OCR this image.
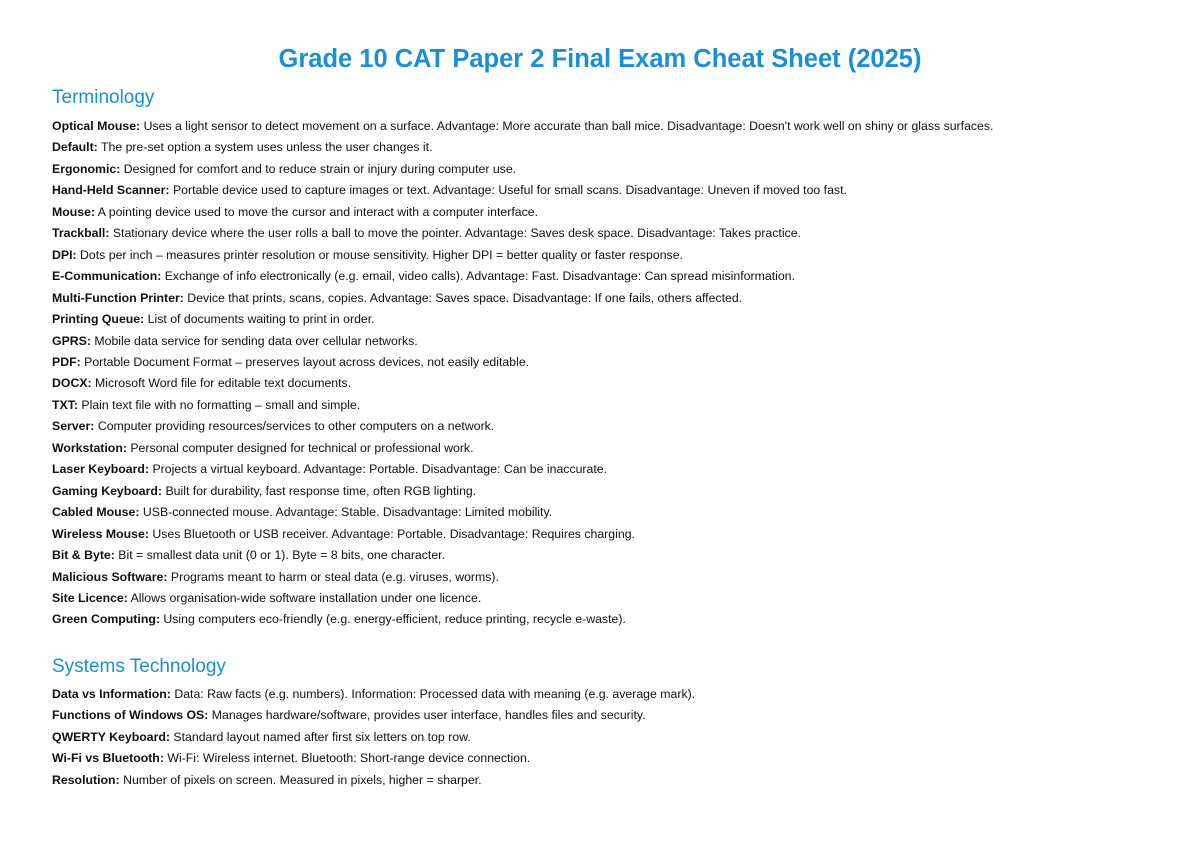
Grade 10 CAT Paper 2 Final Exam Cheat Sheet (2025)
Terminology
Optical Mouse: Uses a light sensor to detect movement on a surface. Advantage: More accurate than ball mice. Disadvantage: Doesn't work well on shiny or glass surfaces.
Default: The pre-set option a system uses unless the user changes it.
Ergonomic: Designed for comfort and to reduce strain or injury during computer use.
Hand-Held Scanner: Portable device used to capture images or text. Advantage: Useful for small scans. Disadvantage: Uneven if moved too fast.
Mouse: A pointing device used to move the cursor and interact with a computer interface.
Trackball: Stationary device where the user rolls a ball to move the pointer. Advantage: Saves desk space. Disadvantage: Takes practice.
DPI: Dots per inch – measures printer resolution or mouse sensitivity. Higher DPI = better quality or faster response.
E-Communication: Exchange of info electronically (e.g. email, video calls). Advantage: Fast. Disadvantage: Can spread misinformation.
Multi-Function Printer: Device that prints, scans, copies. Advantage: Saves space. Disadvantage: If one fails, others affected.
Printing Queue: List of documents waiting to print in order.
GPRS: Mobile data service for sending data over cellular networks.
PDF: Portable Document Format – preserves layout across devices, not easily editable.
DOCX: Microsoft Word file for editable text documents.
TXT: Plain text file with no formatting – small and simple.
Server: Computer providing resources/services to other computers on a network.
Workstation: Personal computer designed for technical or professional work.
Laser Keyboard: Projects a virtual keyboard. Advantage: Portable. Disadvantage: Can be inaccurate.
Gaming Keyboard: Built for durability, fast response time, often RGB lighting.
Cabled Mouse: USB-connected mouse. Advantage: Stable. Disadvantage: Limited mobility.
Wireless Mouse: Uses Bluetooth or USB receiver. Advantage: Portable. Disadvantage: Requires charging.
Bit & Byte: Bit = smallest data unit (0 or 1). Byte = 8 bits, one character.
Malicious Software: Programs meant to harm or steal data (e.g. viruses, worms).
Site Licence: Allows organisation-wide software installation under one licence.
Green Computing: Using computers eco-friendly (e.g. energy-efficient, reduce printing, recycle e-waste).
Systems Technology
Data vs Information: Data: Raw facts (e.g. numbers). Information: Processed data with meaning (e.g. average mark).
Functions of Windows OS: Manages hardware/software, provides user interface, handles files and security.
QWERTY Keyboard: Standard layout named after first six letters on top row.
Wi-Fi vs Bluetooth: Wi-Fi: Wireless internet. Bluetooth: Short-range device connection.
Resolution: Number of pixels on screen. Measured in pixels, higher = sharper.
